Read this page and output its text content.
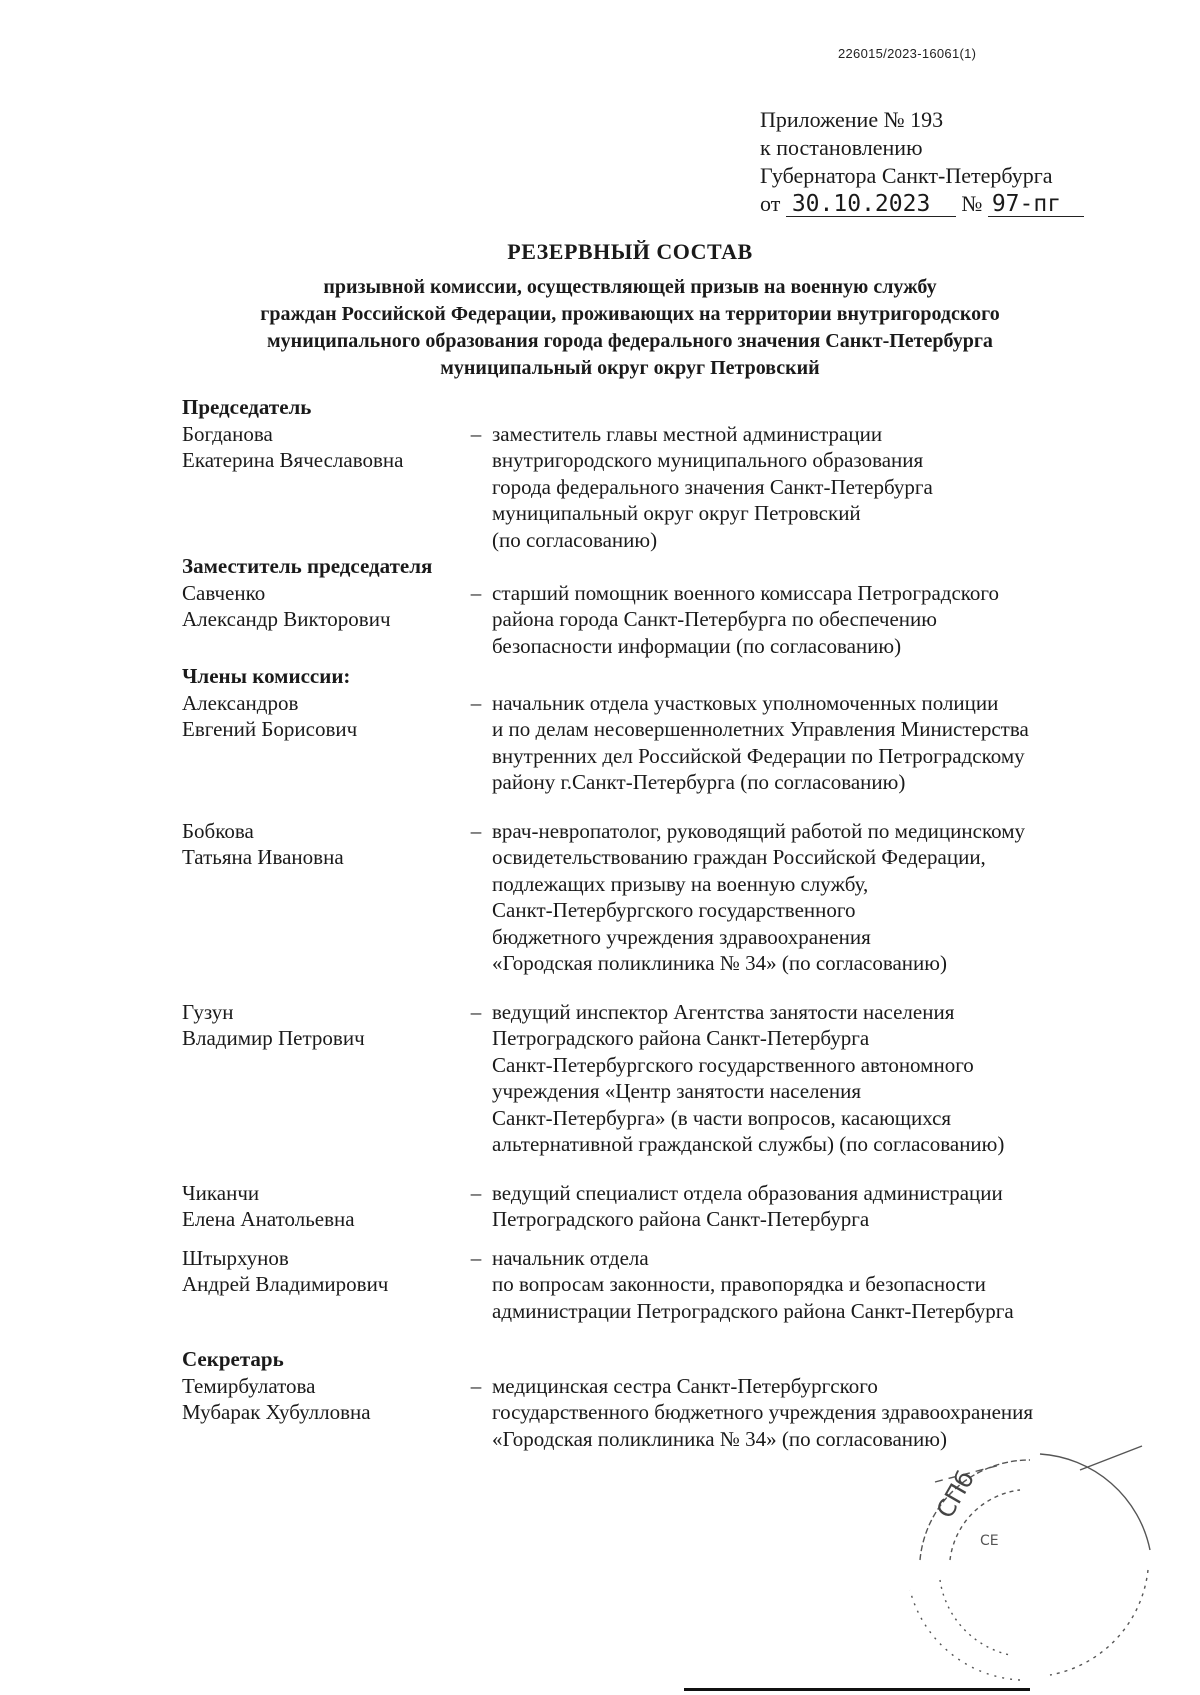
226015/2023-16061(1)
Приложение № 193
к постановлению
Губернатора Санкт-Петербурга
от 30.10.2023 № 97-пг
РЕЗЕРВНЫЙ СОСТАВ
призывной комиссии, осуществляющей призыв на военную службу
граждан Российской Федерации, проживающих на территории внутригородского
муниципального образования города федерального значения Санкт-Петербурга
муниципальный округ округ Петровский
Председатель
Богданова
Екатерина Вячеславовна
– заместитель главы местной администрации
внутригородского муниципального образования
города федерального значения Санкт-Петербурга
муниципальный округ округ Петровский
(по согласованию)
Заместитель председателя
Савченко
Александр Викторович
– старший помощник военного комиссара Петроградского
района города Санкт-Петербурга по обеспечению
безопасности информации (по согласованию)
Члены комиссии:
Александров
Евгений Борисович
– начальник отдела участковых уполномоченных полиции
и по делам несовершеннолетних Управления Министерства
внутренних дел Российской Федерации по Петроградскому
району г.Санкт-Петербурга (по согласованию)
Бобкова
Татьяна Ивановна
– врач-невропатолог, руководящий работой по медицинскому
освидетельствованию граждан Российской Федерации,
подлежащих призыву на военную службу,
Санкт-Петербургского государственного
бюджетного учреждения здравоохранения
«Городская поликлиника № 34» (по согласованию)
Гузун
Владимир Петрович
– ведущий инспектор Агентства занятости населения
Петроградского района Санкт-Петербурга
Санкт-Петербургского государственного автономного
учреждения «Центр занятости населения
Санкт-Петербурга» (в части вопросов, касающихся
альтернативной гражданской службы) (по согласованию)
Чиканчи
Елена Анатольевна
– ведущий специалист отдела образования администрации
Петроградского района Санкт-Петербурга
Штырхунов
Андрей Владимирович
– начальник отдела
по вопросам законности, правопорядка и безопасности
администрации Петроградского района Санкт-Петербурга
Секретарь
Темирбулатова
Мубарак Хубулловна
– медицинская сестра Санкт-Петербургского
государственного бюджетного учреждения здравоохранения
«Городская поликлиника № 34» (по согласованию)
СПб
СЕ
